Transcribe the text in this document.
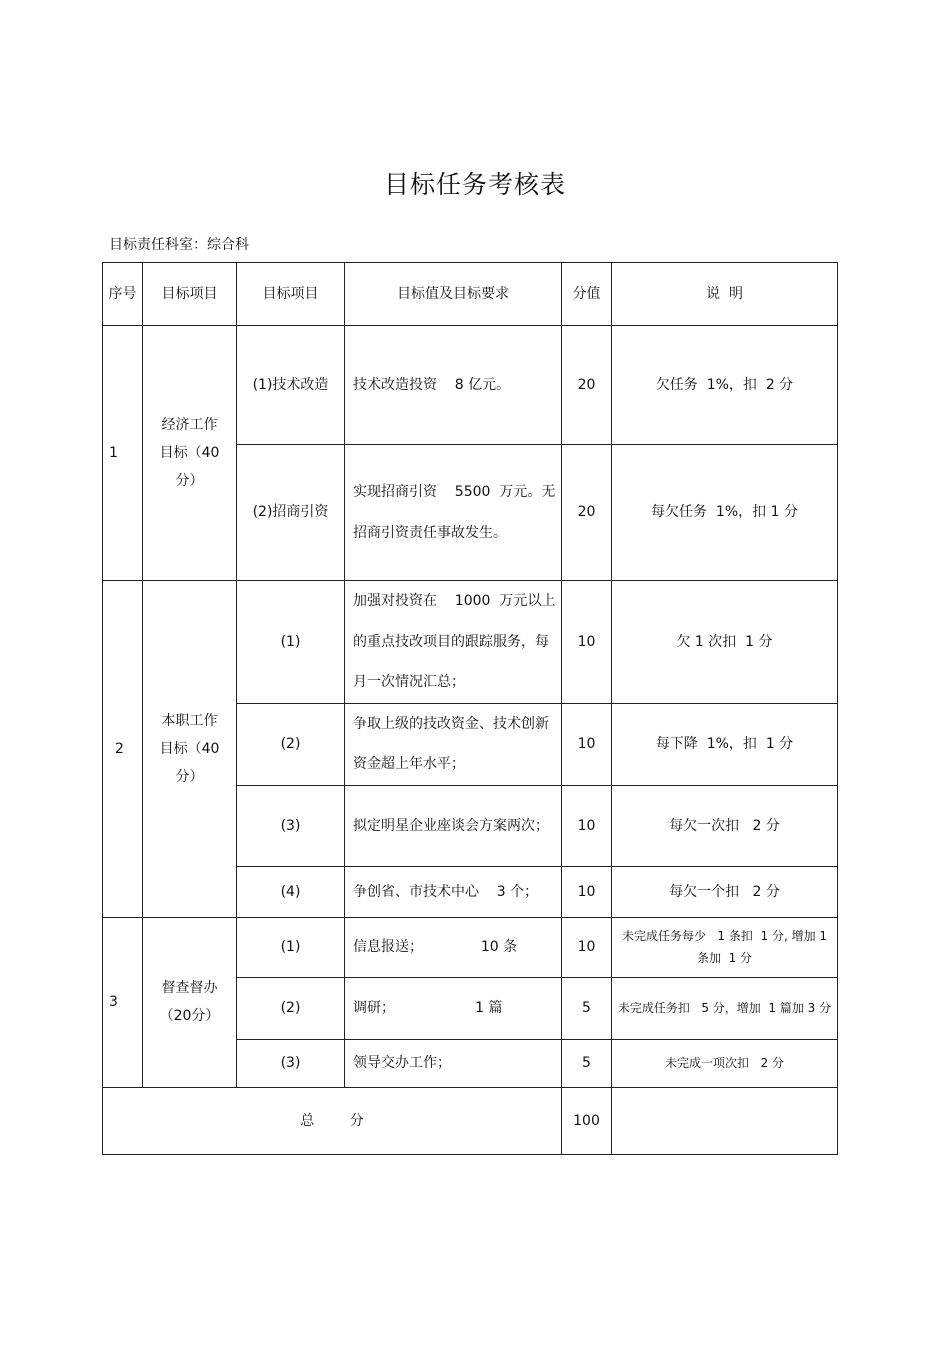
目标任务考核表
目标责任科室：综合科
序号	目标项目	目标项目	目标值及目标要求	分值	说  明
1	经济工作目标（40分）	(1)技术改造	技术改造投资    8 亿元。	20	欠任务  1%，扣  2 分
		(2)招商引资	实现招商引资    5500  万元。无招商引资责任事故发生。	20	每欠任务  1%，扣 1 分
2	本职工作目标（40分）	(1)	加强对投资在    1000  万元以上的重点技改项目的跟踪服务，每月一次情况汇总；	10	欠 1 次扣  1 分
		(2)	争取上级的技改资金、技术创新资金超上年水平；	10	每下降  1%，扣  1 分
		(3)	拟定明星企业座谈会方案两次；	10	每欠一次扣   2 分
		(4)	争创省、市技术中心    3 个；	10	每欠一个扣   2 分
3	督查督办（20分）	(1)	信息报送；             10 条	10	未完成任务每少   1 条扣  1 分, 增加 1 条加  1 分
		(2)	调研；                  1 篇	5	未完成任务扣   5 分，增加  1 篇加 3 分
		(3)	领导交办工作；	5	未完成一项次扣   2 分
总        分				100	
